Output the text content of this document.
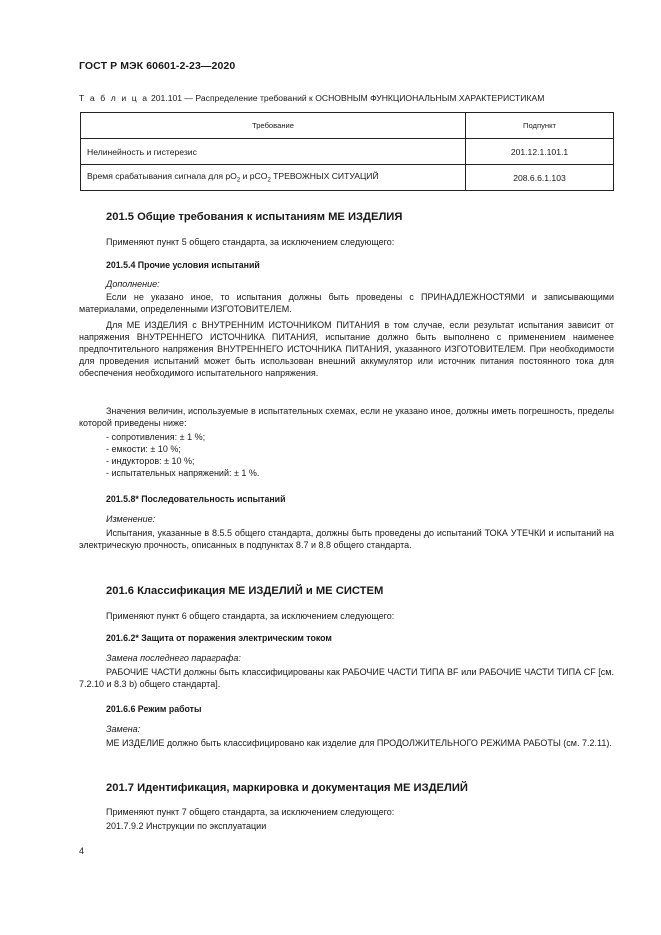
ГОСТ Р МЭК 60601-2-23—2020
Т а б л и ц а 201.101 — Распределение требований к ОСНОВНЫМ ФУНКЦИОНАЛЬНЫМ ХАРАКТЕРИСТИКАМ
Требование	Подпункт
Нелинейность и гистерезис	201.12.1.101.1
Время срабатывания сигнала для $pO_2$ и pCO$_2$ ТРЕВОЖНЫХ СИТУАЦИЙ	208.6.6.1.103
201.5 Общие требования к испытаниям МЕ ИЗДЕЛИЯ
Применяют пункт 5 общего стандарта, за исключением следующего:
201.5.4 Прочие условия испытаний
Дополнение:

Если не указано иное, то испытания должны быть проведены с ПРИНАДЛЕЖНОСТЯМИ и записывающими материалами, определенными ИЗГОТОВИТЕЛЕМ.

Для МЕ ИЗДЕЛИЯ с ВНУТРЕННИМ ИСТОЧНИКОМ ПИТАНИЯ в том случае, если результат испытания зависит от напряжения ВНУТРЕННЕГО ИСТОЧНИКА ПИТАНИЯ, испытание должно быть выполнено с применением наименее предпочтительного напряжения ВНУТРЕННЕГО ИСТОЧНИКА ПИТАНИЯ, указанного ИЗГОТОВИТЕЛЕМ. При необходимости для проведения испытаний может быть использован внешний аккумулятор или источник питания постоянного тока для обеспечения необходимого испытательного напряжения.

Значения величин, используемые в испытательных схемах, если не указано иное, должны иметь погрешность, пределы которой приведены ниже:

- сопротивления: ± 1 %;
- емкости: ± 10 %;
- индукторов: ± 10 %;
- испытательных напряжений: ± 1 %.
201.5.8* Последовательность испытаний
Изменение:

Испытания, указанные в 8.5.5 общего стандарта, должны быть проведены до испытаний ТОКА УТЕЧКИ и испытаний на электрическую прочность, описанных в подпунктах 8.7 и 8.8 общего стандарта.

201.6 Классификация МЕ ИЗДЕЛИЙ и МЕ СИСТЕМ
Применяют пункт 6 общего стандарта, за исключением следующего:
201.6.2* Защита от поражения электрическим током
Замена последнего параграфа:

РАБОЧИЕ ЧАСТИ должны быть классифицированы как РАБОЧИЕ ЧАСТИ ТИПА BF или РАБОЧИЕ ЧАСТИ ТИПА CF [см. 7.2.10 и 8.3 b) общего стандарта].

201.6.6 Режим работы
Замена:

МЕ ИЗДЕЛИЕ должно быть классифицировано как изделие для ПРОДОЛЖИТЕЛЬНОГО РЕЖИМА РАБОТЫ (см. 7.2.11).

201.7 Идентификация, маркировка и документация МЕ ИЗДЕЛИЙ
Применяют пункт 7 общего стандарта, за исключением следующего:
201.7.9.2 Инструкции по эксплуатации
4
